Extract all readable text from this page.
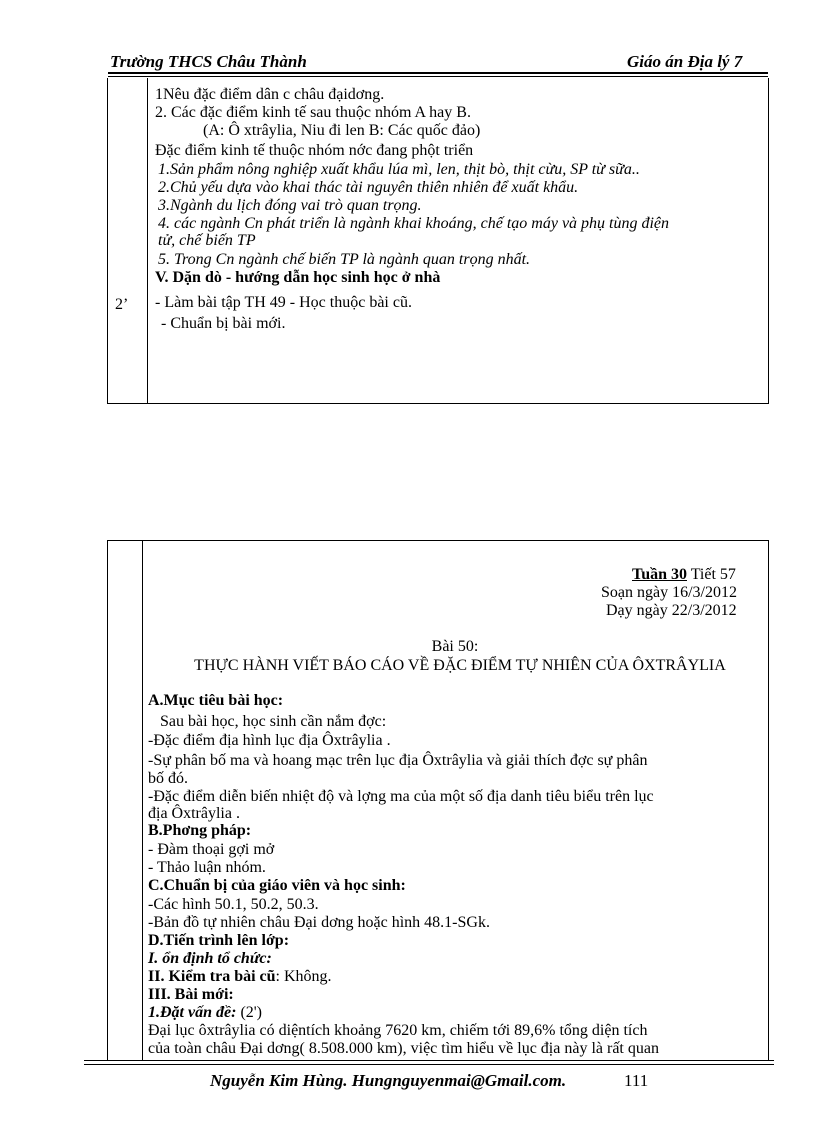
Trường THCS Châu Thành	Giáo án Địa lý 7
2’
1Nêu đặc điểm dân c châu đạidơng.
2. Các đặc điểm kinh tế sau thuộc nhóm A hay B.
(A: Ô xtrâylia, Niu đi len B: Các quốc đảo)
Đặc điểm kinh tế thuộc nhóm nớc đang phột triển
1.Sản phẩm nông nghiệp xuất khẩu lúa mì, len, thịt bò, thịt cừu, SP từ sữa..
2.Chủ yếu dựa vào khai thác tài nguyên thiên nhiên để xuất khẩu.
3.Ngành du lịch đóng vai trò quan trọng.
4. các ngành Cn phát triển là ngành khai khoáng, chế tạo máy và phụ tùng điện
tử, chế biến TP
5. Trong Cn ngành chế biến TP là ngành quan trọng nhất.
V. Dặn dò - hướng dẫn học sinh học ở nhà
- Làm bài tập TH 49 - Học thuộc bài cũ.
- Chuẩn bị bài mới.
Tuần 30 Tiết 57
Soạn ngày 16/3/2012
Dạy ngày 22/3/2012
Bài 50:
THỰC HÀNH VIẾT BÁO CÁO VỀ ĐẶC ĐIỂM TỰ NHIÊN CỦA ÔXTRÂYLIA
A.Mục tiêu bài học:
Sau bài học, học sinh cần nắm đợc:
-Đặc điểm địa hình lục địa Ôxtrâylia .
-Sự phân bố ma và hoang mạc trên lục địa Ôxtrâylia và giải thích đợc sự phân
bố đó.
-Đặc điểm diễn biến nhiệt độ và lợng ma của một số địa danh tiêu biểu trên lục
địa Ôxtrâylia .
B.Phơng pháp:
- Đàm thoại gợi mở
- Thảo luận nhóm.
C.Chuẩn bị của giáo viên và học sinh:
-Các hình 50.1, 50.2, 50.3.
-Bản đồ tự nhiên châu Đại dơng hoặc hình 48.1-SGk.
D.Tiến trình lên lớp:
I. ổn định tổ chức:
II. Kiểm tra bài cũ: Không.
III. Bài mới:
1.Đặt vấn đề: (2')
Đại lục ôxtrâylia có diệntích khoảng 7620 km, chiếm tới 89,6% tổng diện tích
của toàn châu Đại dơng( 8.508.000 km), việc tìm hiểu về lục địa này là rất quan
Nguyễn Kim Hùng. Hungnguyenmai@Gmail.com.	111
